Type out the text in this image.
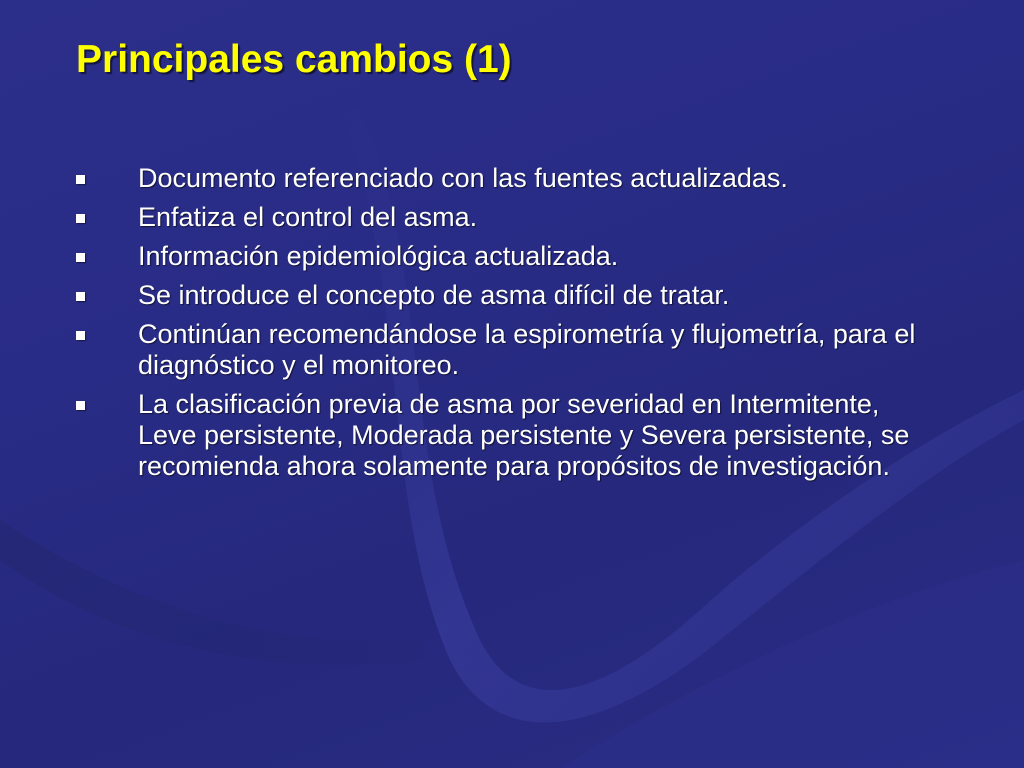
Principales cambios (1)
Documento referenciado con las fuentes actualizadas.
Enfatiza el control del asma.
Información epidemiológica actualizada.
Se introduce el concepto de asma difícil de tratar.
Continúan recomendándose la espirometría y flujometría, para el diagnóstico y el monitoreo.
La clasificación previa de asma por severidad en Intermitente, Leve persistente, Moderada persistente y Severa persistente, se recomienda ahora solamente para propósitos de investigación.
